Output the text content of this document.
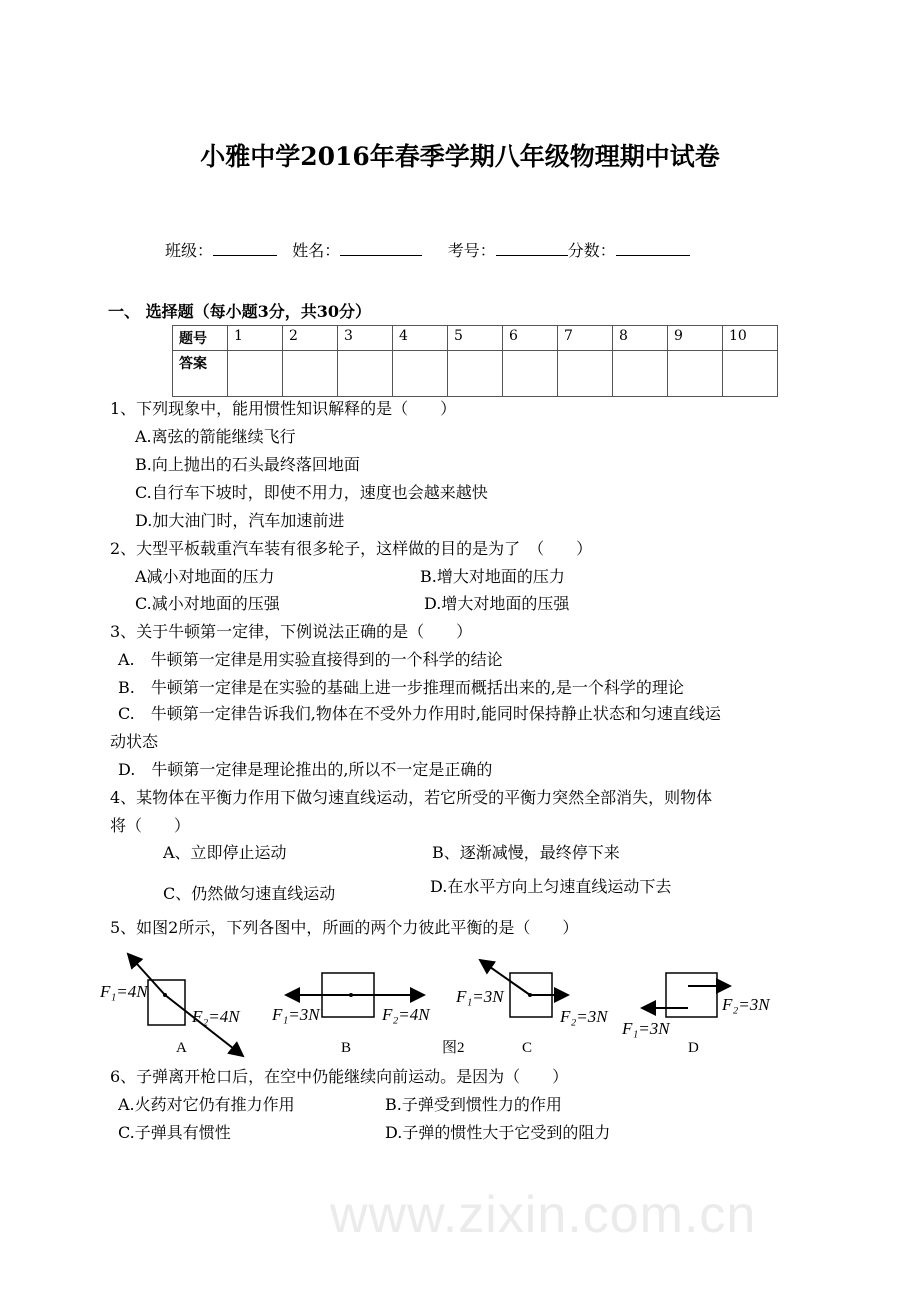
www.zixin.com.cn
小雅中学2016年春季学期八年级物理期中试卷
班级：	姓名：	考号：	分数：
一、 选择题（每小题3分，共30分）
题号	1	2	3	4	5	6	7	8	9	10
答案										
1、下列现象中，能用惯性知识解释的是（　　）
A.离弦的箭能继续飞行
B.向上抛出的石头最终落回地面
C.自行车下坡时，即使不用力，速度也会越来越快
D.加大油门时，汽车加速前进
2、大型平板载重汽车装有很多轮子，这样做的目的是为了　（　　）
A减小对地面的压力	B.增大对地面的压力
C.减小对地面的压强	D.增大对地面的压强
3、关于牛顿第一定律，下例说法正确的是（　　）
A.　牛顿第一定律是用实验直接得到的一个科学的结论
B.　牛顿第一定律是在实验的基础上进一步推理而概括出来的,是一个科学的理论
C.　牛顿第一定律告诉我们,物体在不受外力作用时,能同时保持静止状态和匀速直线运
动状态
D.　牛顿第一定律是理论推出的,所以不一定是正确的
4、某物体在平衡力作用下做匀速直线运动，若它所受的平衡力突然全部消失，则物体
将（　　）
A、立即停止运动	B、逐渐减慢，最终停下来
C、仍然做匀速直线运动	D.在水平方向上匀速直线运动下去
5、如图2所示，下列各图中，所画的两个力彼此平衡的是（　　）
F₁=4N
F₂=4N
A
F₁=3N	F₂=4N
B	图2
F₁=3N
F₂=3N
C
F₂=3N
F₁=3N
D
6、子弹离开枪口后，在空中仍能继续向前运动。是因为（　　）
A.火药对它仍有推力作用	B.子弹受到惯性力的作用
C.子弹具有惯性	D.子弹的惯性大于它受到的阻力
